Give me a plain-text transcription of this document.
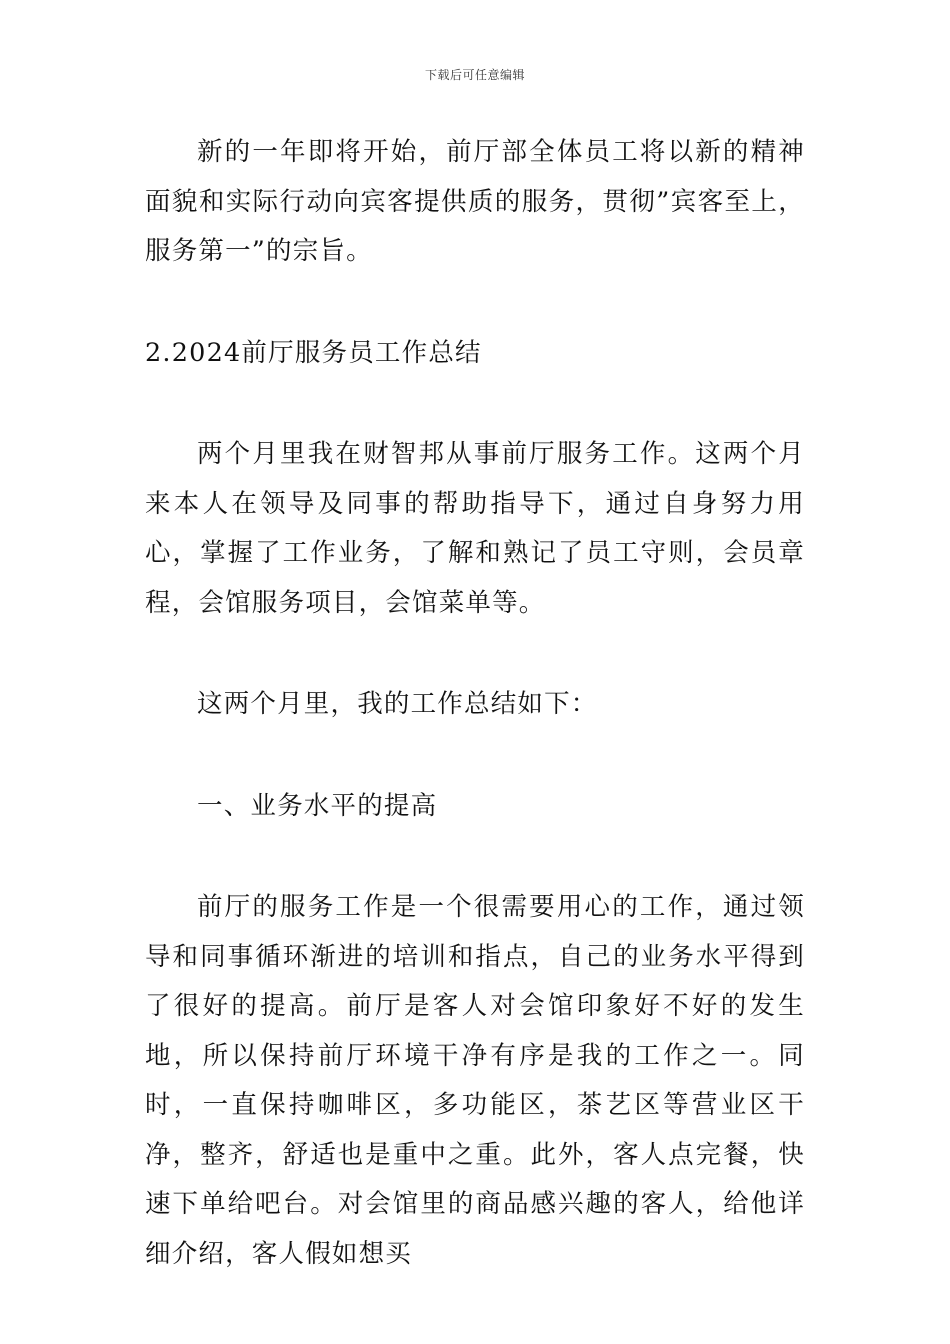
下载后可任意编辑

新的一年即将开始，前厅部全体员工将以新的精神面貌和实际行动向宾客提供质的服务，贯彻”宾客至上，服务第一”的宗旨。

2.2024前厅服务员工作总结

两个月里我在财智邦从事前厅服务工作。这两个月来本人在领导及同事的帮助指导下，通过自身努力用心，掌握了工作业务，了解和熟记了员工守则，会员章程，会馆服务项目，会馆菜单等。

这两个月里，我的工作总结如下：

一、业务水平的提高

前厅的服务工作是一个很需要用心的工作，通过领导和同事循环渐进的培训和指点，自己的业务水平得到了很好的提高。前厅是客人对会馆印象好不好的发生地，所以保持前厅环境干净有序是我的工作之一。同时，一直保持咖啡区，多功能区，茶艺区等营业区干净，整齐，舒适也是重中之重。此外，客人点完餐，快速下单给吧台。对会馆里的商品感兴趣的客人，给他详细介绍，客人假如想买
